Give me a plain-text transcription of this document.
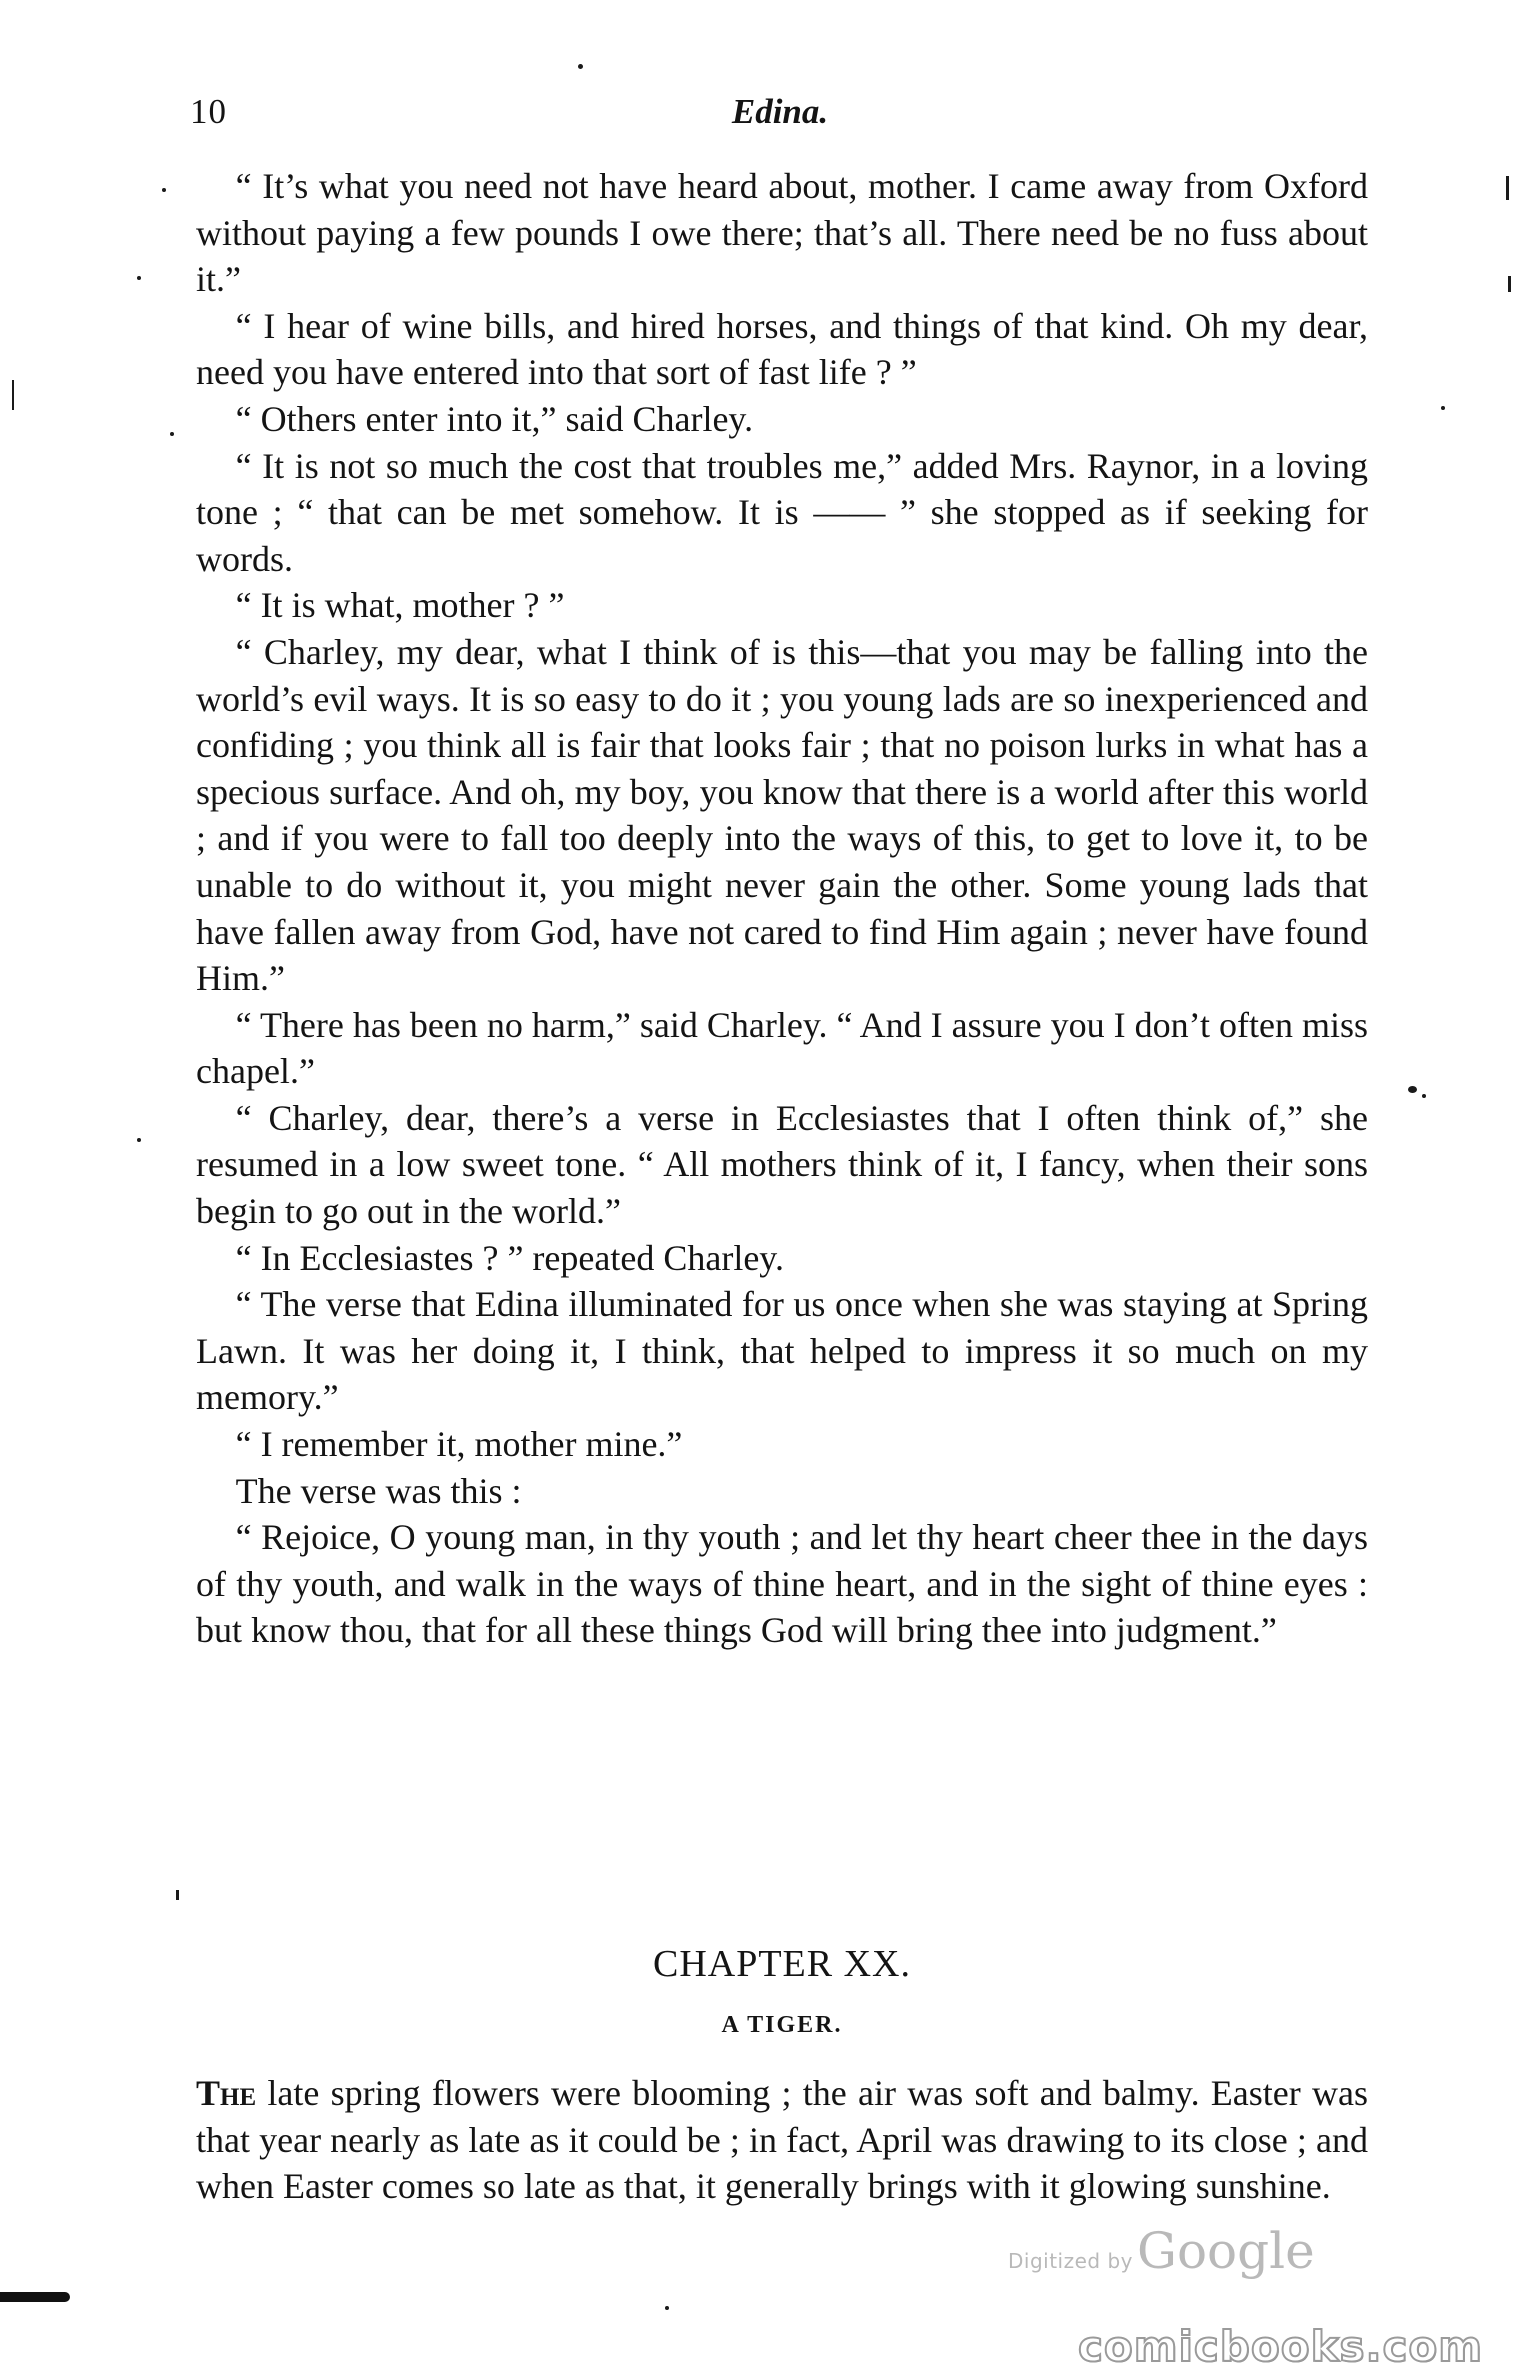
10	Edina.

“ It’s what you need not have heard about, mother. I came away from Oxford without paying a few pounds I owe there; that’s all. There need be no fuss about it.”

“ I hear of wine bills, and hired horses, and things of that kind. Oh my dear, need you have entered into that sort of fast life ? ”

“ Others enter into it,” said Charley.

“ It is not so much the cost that troubles me,” added Mrs. Raynor, in a loving tone ; “ that can be met somehow. It is —— ” she stopped as if seeking for words.

“ It is what, mother ? ”

“ Charley, my dear, what I think of is this—that you may be falling into the world’s evil ways. It is so easy to do it ; you young lads are so inexperienced and confiding ; you think all is fair that looks fair ; that no poison lurks in what has a specious surface. And oh, my boy, you know that there is a world after this world ; and if you were to fall too deeply into the ways of this, to get to love it, to be unable to do without it, you might never gain the other. Some young lads that have fallen away from God, have not cared to find Him again ; never have found Him.”

“ There has been no harm,” said Charley. “ And I assure you I don’t often miss chapel.”

“ Charley, dear, there’s a verse in Ecclesiastes that I often think of,” she resumed in a low sweet tone. “ All mothers think of it, I fancy, when their sons begin to go out in the world.”

“ In Ecclesiastes ? ” repeated Charley.

“ The verse that Edina illuminated for us once when she was staying at Spring Lawn. It was her doing it, I think, that helped to impress it so much on my memory.”

“ I remember it, mother mine.”

The verse was this :

“ Rejoice, O young man, in thy youth ; and let thy heart cheer thee in the days of thy youth, and walk in the ways of thine heart, and in the sight of thine eyes : but know thou, that for all these things God will bring thee into judgment.”

CHAPTER XX.
A TIGER.

The late spring flowers were blooming ; the air was soft and balmy. Easter was that year nearly as late as it could be ; in fact, April was drawing to its close ; and when Easter comes so late as that, it generally brings with it glowing sunshine.

Digitized byGoogle
comicbooks.com
